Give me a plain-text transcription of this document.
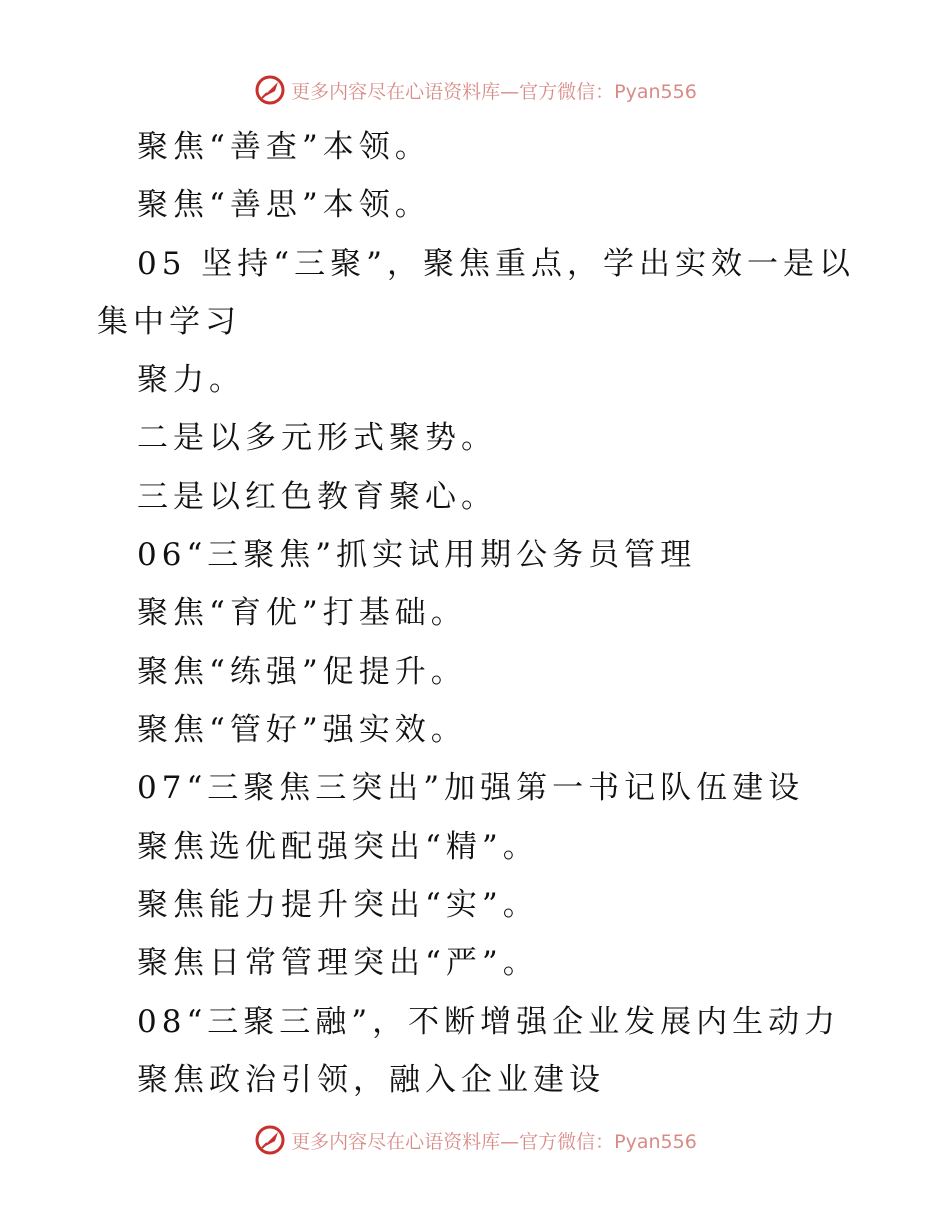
更多内容尽在心语资料库—官方微信：Pyan556
聚焦“善查”本领。
聚焦“善思”本领。
05 坚持“三聚”，聚焦重点，学出实效一是以
集中学习
聚力。
二是以多元形式聚势。
三是以红色教育聚心。
06“三聚焦”抓实试用期公务员管理
聚焦“育优”打基础。
聚焦“练强”促提升。
聚焦“管好”强实效。
07“三聚焦三突出”加强第一书记队伍建设
聚焦选优配强突出“精”。
聚焦能力提升突出“实”。
聚焦日常管理突出“严”。
08“三聚三融”，不断增强企业发展内生动力
聚焦政治引领，融入企业建设
更多内容尽在心语资料库—官方微信：Pyan556
